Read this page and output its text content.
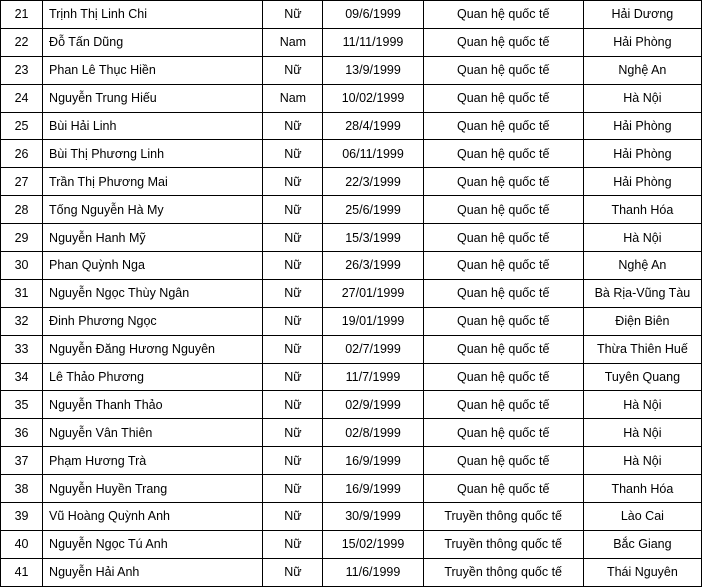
21	Trịnh Thị Linh Chi	Nữ	09/6/1999	Quan hệ quốc tế	Hải Dương
22	Đỗ Tấn Dũng	Nam	11/11/1999	Quan hệ quốc tế	Hải Phòng
23	Phan Lê Thục Hiền	Nữ	13/9/1999	Quan hệ quốc tế	Nghệ An
24	Nguyễn Trung Hiếu	Nam	10/02/1999	Quan hệ quốc tế	Hà Nội
25	Bùi Hải Linh	Nữ	28/4/1999	Quan hệ quốc tế	Hải Phòng
26	Bùi Thị Phương Linh	Nữ	06/11/1999	Quan hệ quốc tế	Hải Phòng
27	Trần Thị Phương Mai	Nữ	22/3/1999	Quan hệ quốc tế	Hải Phòng
28	Tống Nguyễn Hà My	Nữ	25/6/1999	Quan hệ quốc tế	Thanh Hóa
29	Nguyễn Hanh Mỹ	Nữ	15/3/1999	Quan hệ quốc tế	Hà Nội
30	Phan Quỳnh Nga	Nữ	26/3/1999	Quan hệ quốc tế	Nghệ An
31	Nguyễn Ngọc Thùy Ngân	Nữ	27/01/1999	Quan hệ quốc tế	Bà Rịa-Vũng Tàu
32	Đinh Phương Ngọc	Nữ	19/01/1999	Quan hệ quốc tế	Điện Biên
33	Nguyễn Đăng Hương Nguyên	Nữ	02/7/1999	Quan hệ quốc tế	Thừa Thiên Huế
34	Lê Thảo Phương	Nữ	11/7/1999	Quan hệ quốc tế	Tuyên Quang
35	Nguyễn Thanh Thảo	Nữ	02/9/1999	Quan hệ quốc tế	Hà Nội
36	Nguyễn Vân Thiên	Nữ	02/8/1999	Quan hệ quốc tế	Hà Nội
37	Phạm Hương Trà	Nữ	16/9/1999	Quan hệ quốc tế	Hà Nội
38	Nguyễn Huyền Trang	Nữ	16/9/1999	Quan hệ quốc tế	Thanh Hóa
39	Vũ Hoàng Quỳnh Anh	Nữ	30/9/1999	Truyền thông quốc tế	Lào Cai
40	Nguyễn Ngọc Tú Anh	Nữ	15/02/1999	Truyền thông quốc tế	Bắc Giang
41	Nguyễn Hải Anh	Nữ	11/6/1999	Truyền thông quốc tế	Thái Nguyên
